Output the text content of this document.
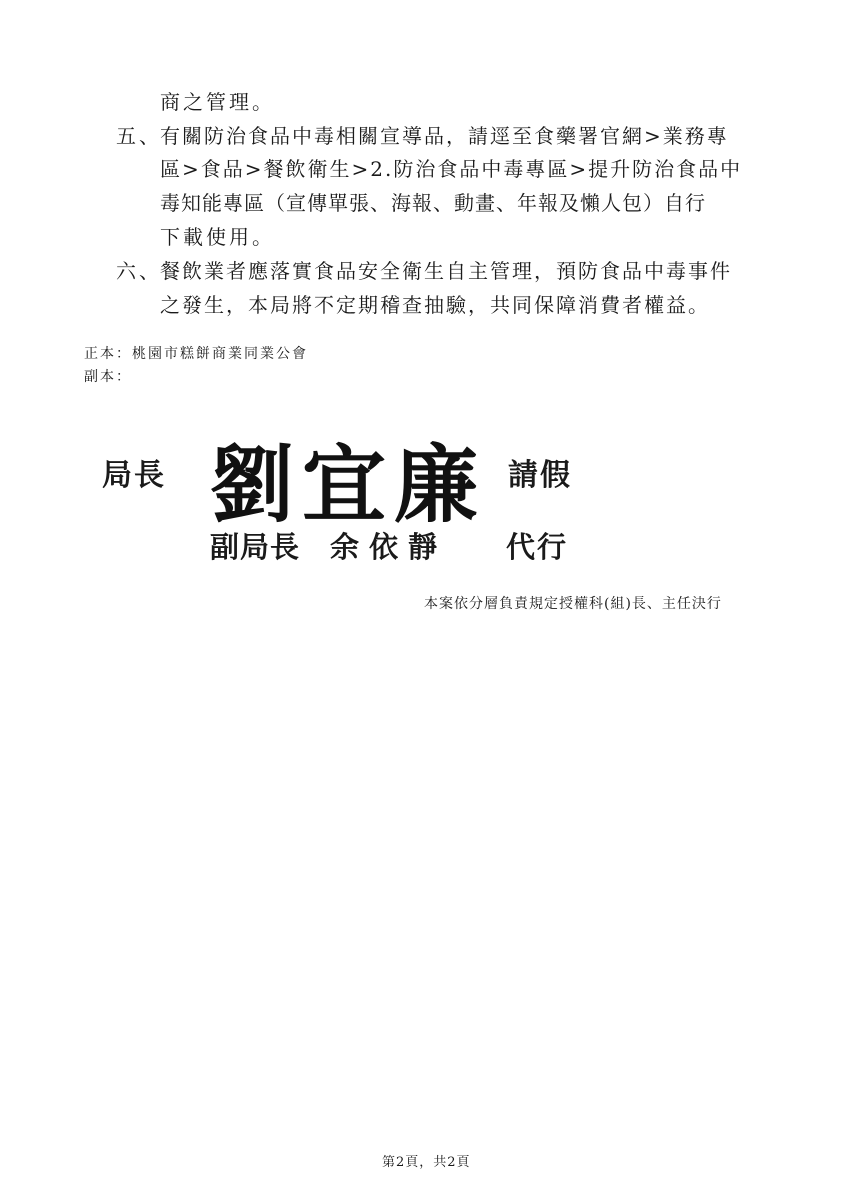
商之管理。
五、
有關防治食品中毒相關宣導品，請逕至食藥署官網>業務專
區>食品>餐飲衛生>2.防治食品中毒專區>提升防治食品中
毒知能專區（宣傳單張、海報、動畫、年報及懶人包）自行
下載使用。
六、
餐飲業者應落實食品安全衛生自主管理，預防食品中毒事件
之發生，本局將不定期稽查抽驗，共同保障消費者權益。
正本：桃園市糕餅商業同業公會
副本：
局長 劉宜廉 請假
副局長 余依靜 代行
本案依分層負責規定授權科(組)長、主任決行
第2頁，共2頁
